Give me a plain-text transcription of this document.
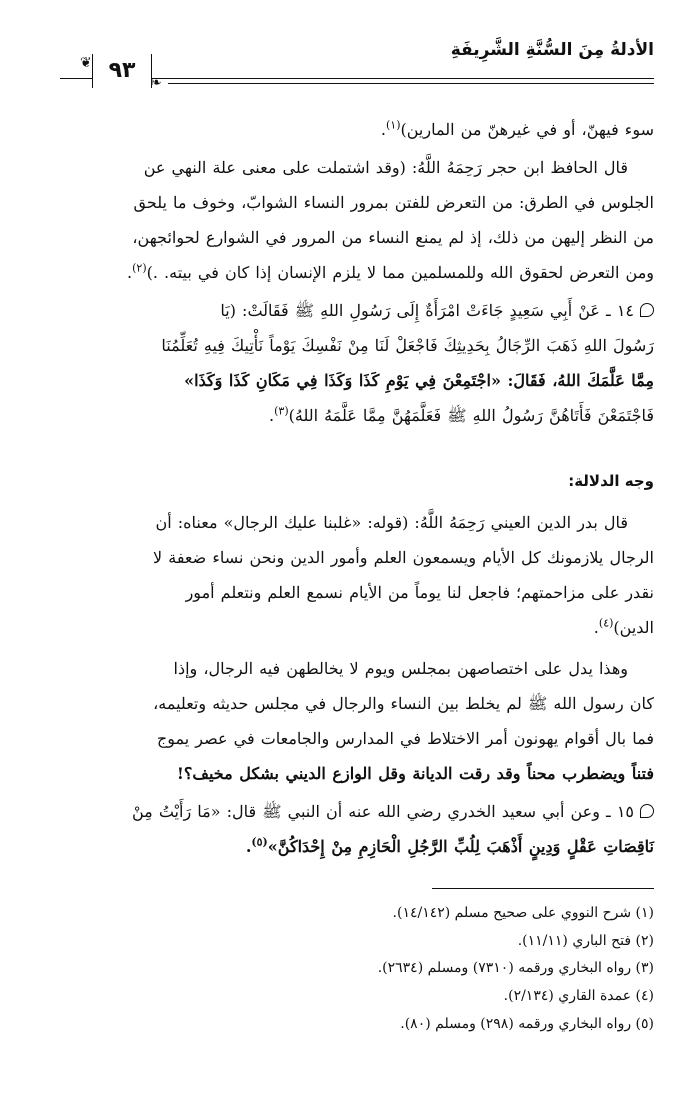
الأدلةُ مِنَ السُّنَّةِ الشَّرِيفَةِ
❦ ٩٣	❧
سوء فيهنّ، أو في غيرهنّ من المارين)$^{(١)}$.
قال الحافظ ابن حجر رَحِمَهُ اللَّهُ: (وقد اشتملت على معنى علة النهي عن
الجلوس في الطرق: من التعرض للفتن بمرور النساء الشوابّ، وخوف ما يلحق
من النظر إليهن من ذلك، إذ لم يمنع النساء من المرور في الشوارع لحوائجهن،
ومن التعرض لحقوق الله وللمسلمين مما لا يلزم الإنسان إذا كان في بيته. .)$^{(٢)}$.
١٤ ـ عَنْ أَبِي سَعِيدٍ جَاءَتْ امْرَأَةٌ إِلَى رَسُولِ اللهِ ﷺ فَقَالَتْ: (يَا
رَسُولَ اللهِ ذَهَبَ الرِّجَالُ بِحَدِيثِكَ فَاجْعَلْ لَنَا مِنْ نَفْسِكَ يَوْماً نَأْتِيكَ فِيهِ تُعَلِّمُنَا
مِمَّا عَلَّمَكَ اللهُ، فَقَالَ: «اجْتَمِعْنَ فِي يَوْمِ كَذَا وَكَذَا فِي مَكَانِ كَذَا وَكَذَا»
فَاجْتَمَعْنَ فَأَتَاهُنَّ رَسُولُ اللهِ ﷺ فَعَلَّمَهُنَّ مِمَّا عَلَّمَهُ اللهُ)$^{(٣)}$.
وجه الدلالة:
قال بدر الدين العيني رَحِمَهُ اللَّهُ: (قوله: «غلبنا عليك الرجال» معناه: أن
الرجال يلازمونك كل الأيام ويسمعون العلم وأمور الدين ونحن نساء ضعفة لا
نقدر على مزاحمتهم؛ فاجعل لنا يوماً من الأيام نسمع العلم ونتعلم أمور
الدين)$^{(٤)}$.
وهذا يدل على اختصاصهن بمجلس ويوم لا يخالطهن فيه الرجال، وإذا
كان رسول الله ﷺ لم يخلط بين النساء والرجال في مجلس حديثه وتعليمه،
فما بال أقوام يهونون أمر الاختلاط في المدارس والجامعات في عصر يموج
فتناً ويضطرب محناً وقد رقت الديانة وقل الوازع الديني بشكل مخيف؟!
١٥ ـ وعن أبي سعيد الخدري رضي الله عنه أن النبي ﷺ قال: «مَا رَأَيْتُ مِنْ
نَاقِصَاتِ عَقْلٍ وَدِينٍ أَذْهَبَ لِلُبِّ الرَّجُلِ الْحَازِمِ مِنْ إِحْدَاكُنَّ»$^{(٥)}$.
(١) شرح النووي على صحيح مسلم (١٤/١٤٢).
(٢) فتح الباري (١١/١١).
(٣) رواه البخاري ورقمه (٧٣١٠) ومسلم (٢٦٣٤).
(٤) عمدة القاري (٢/١٣٤).
(٥) رواه البخاري ورقمه (٢٩٨) ومسلم (٨٠).
